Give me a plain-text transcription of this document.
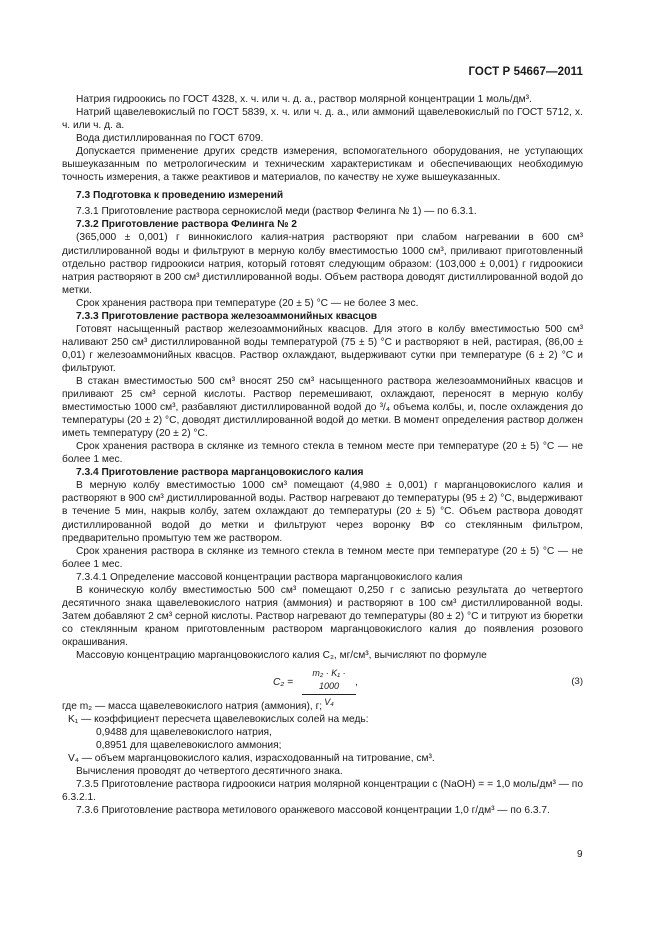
ГОСТ Р 54667—2011

Натрия гидроокись по ГОСТ 4328, х. ч. или ч. д. а., раствор молярной концентрации 1 моль/дм³.

Натрий щавелевокислый по ГОСТ 5839, х. ч. или ч. д. а., или аммоний щавелевокислый по ГОСТ 5712, х. ч. или ч. д. а.

Вода дистиллированная по ГОСТ 6709.

Допускается применение других средств измерения, вспомогательного оборудования, не уступающих вышеуказанным по метрологическим и техническим характеристикам и обеспечивающих необходимую точность измерения, а также реактивов и материалов, по качеству не хуже вышеуказанных.

7.3 Подготовка к проведению измерений

7.3.1 Приготовление раствора сернокислой меди (раствор Фелинга № 1) — по 6.3.1.

7.3.2 Приготовление раствора Фелинга № 2

(365,000 ± 0,001) г виннокислого калия-натрия растворяют при слабом нагревании в 600 см³ дистиллированной воды и фильтруют в мерную колбу вместимостью 1000 см³, приливают приготовленный отдельно раствор гидроокиси натрия, который готовят следующим образом: (103,000 ± 0,001) г гидроокиси натрия растворяют в 200 см³ дистиллированной воды. Объем раствора доводят дистиллированной водой до метки.

Срок хранения раствора при температуре (20 ± 5) °С — не более 3 мес.

7.3.3 Приготовление раствора железоаммонийных квасцов

Готовят насыщенный раствор железоаммонийных квасцов. Для этого в колбу вместимостью 500 см³ наливают 250 см³ дистиллированной воды температурой (75 ± 5) °С и растворяют в ней, растирая, (86,00 ± 0,01) г железоаммонийных квасцов. Раствор охлаждают, выдерживают сутки при температуре (6 ± 2) °С и фильтруют.

В стакан вместимостью 500 см³ вносят 250 см³ насыщенного раствора железоаммонийных квасцов и приливают 25 см³ серной кислоты. Раствор перемешивают, охлаждают, переносят в мерную колбу вместимостью 1000 см³, разбавляют дистиллированной водой до ³/₄ объема колбы, и, после охлаждения до температуры (20 ± 2) °С, доводят дистиллированной водой до метки. В момент определения раствор должен иметь температуру (20 ± 2) °С.

Срок хранения раствора в склянке из темного стекла в темном месте при температуре (20 ± 5) °С — не более 1 мес.

7.3.4 Приготовление раствора марганцовокислого калия

В мерную колбу вместимостью 1000 см³ помещают (4,980 ± 0,001) г марганцовокислого калия и растворяют в 900 см³ дистиллированной воды. Раствор нагревают до температуры (95 ± 2) °С, выдерживают в течение 5 мин, накрыв колбу, затем охлаждают до температуры (20 ± 5) °С. Объем раствора доводят дистиллированной водой до метки и фильтруют через воронку ВФ со стеклянным фильтром, предварительно промытую тем же раствором.

Срок хранения раствора в склянке из темного стекла в темном месте при температуре (20 ± 5) °С — не более 1 мес.

7.3.4.1 Определение массовой концентрации раствора марганцовокислого калия

В коническую колбу вместимостью 500 см³ помещают 0,250 г с записью результата до четвертого десятичного знака щавелевокислого натрия (аммония) и растворяют в 100 см³ дистиллированной воды. Затем добавляют 2 см³ серной кислоты. Раствор нагревают до температуры (80 ± 2) °С и титруют из бюретки со стеклянным краном приготовленным раствором марганцовокислого калия до появления розового окрашивания.

Массовую концентрацию марганцовокислого калия C₂, мг/см³, вычисляют по формуле

$C_2 = \frac{\text{m₂ · K₁ · 1000}}{\text{V₄}}$ ,	(3)

где m₂ — масса щавелевокислого натрия (аммония), г;

K₁ — коэффициент пересчета щавелевокислых солей на медь:

0,9488 для щавелевокислого натрия,

0,8951 для щавелевокислого аммония;

V₄ — объем марганцовокислого калия, израсходованный на титрование, см³.

Вычисления проводят до четвертого десятичного знака.

7.3.5 Приготовление раствора гидроокиси натрия молярной концентрации c (NaOH) = = 1,0 моль/дм³ — по 6.3.2.1.

7.3.6 Приготовление раствора метилового оранжевого массовой концентрации 1,0 г/дм³ — по 6.3.7.

9
